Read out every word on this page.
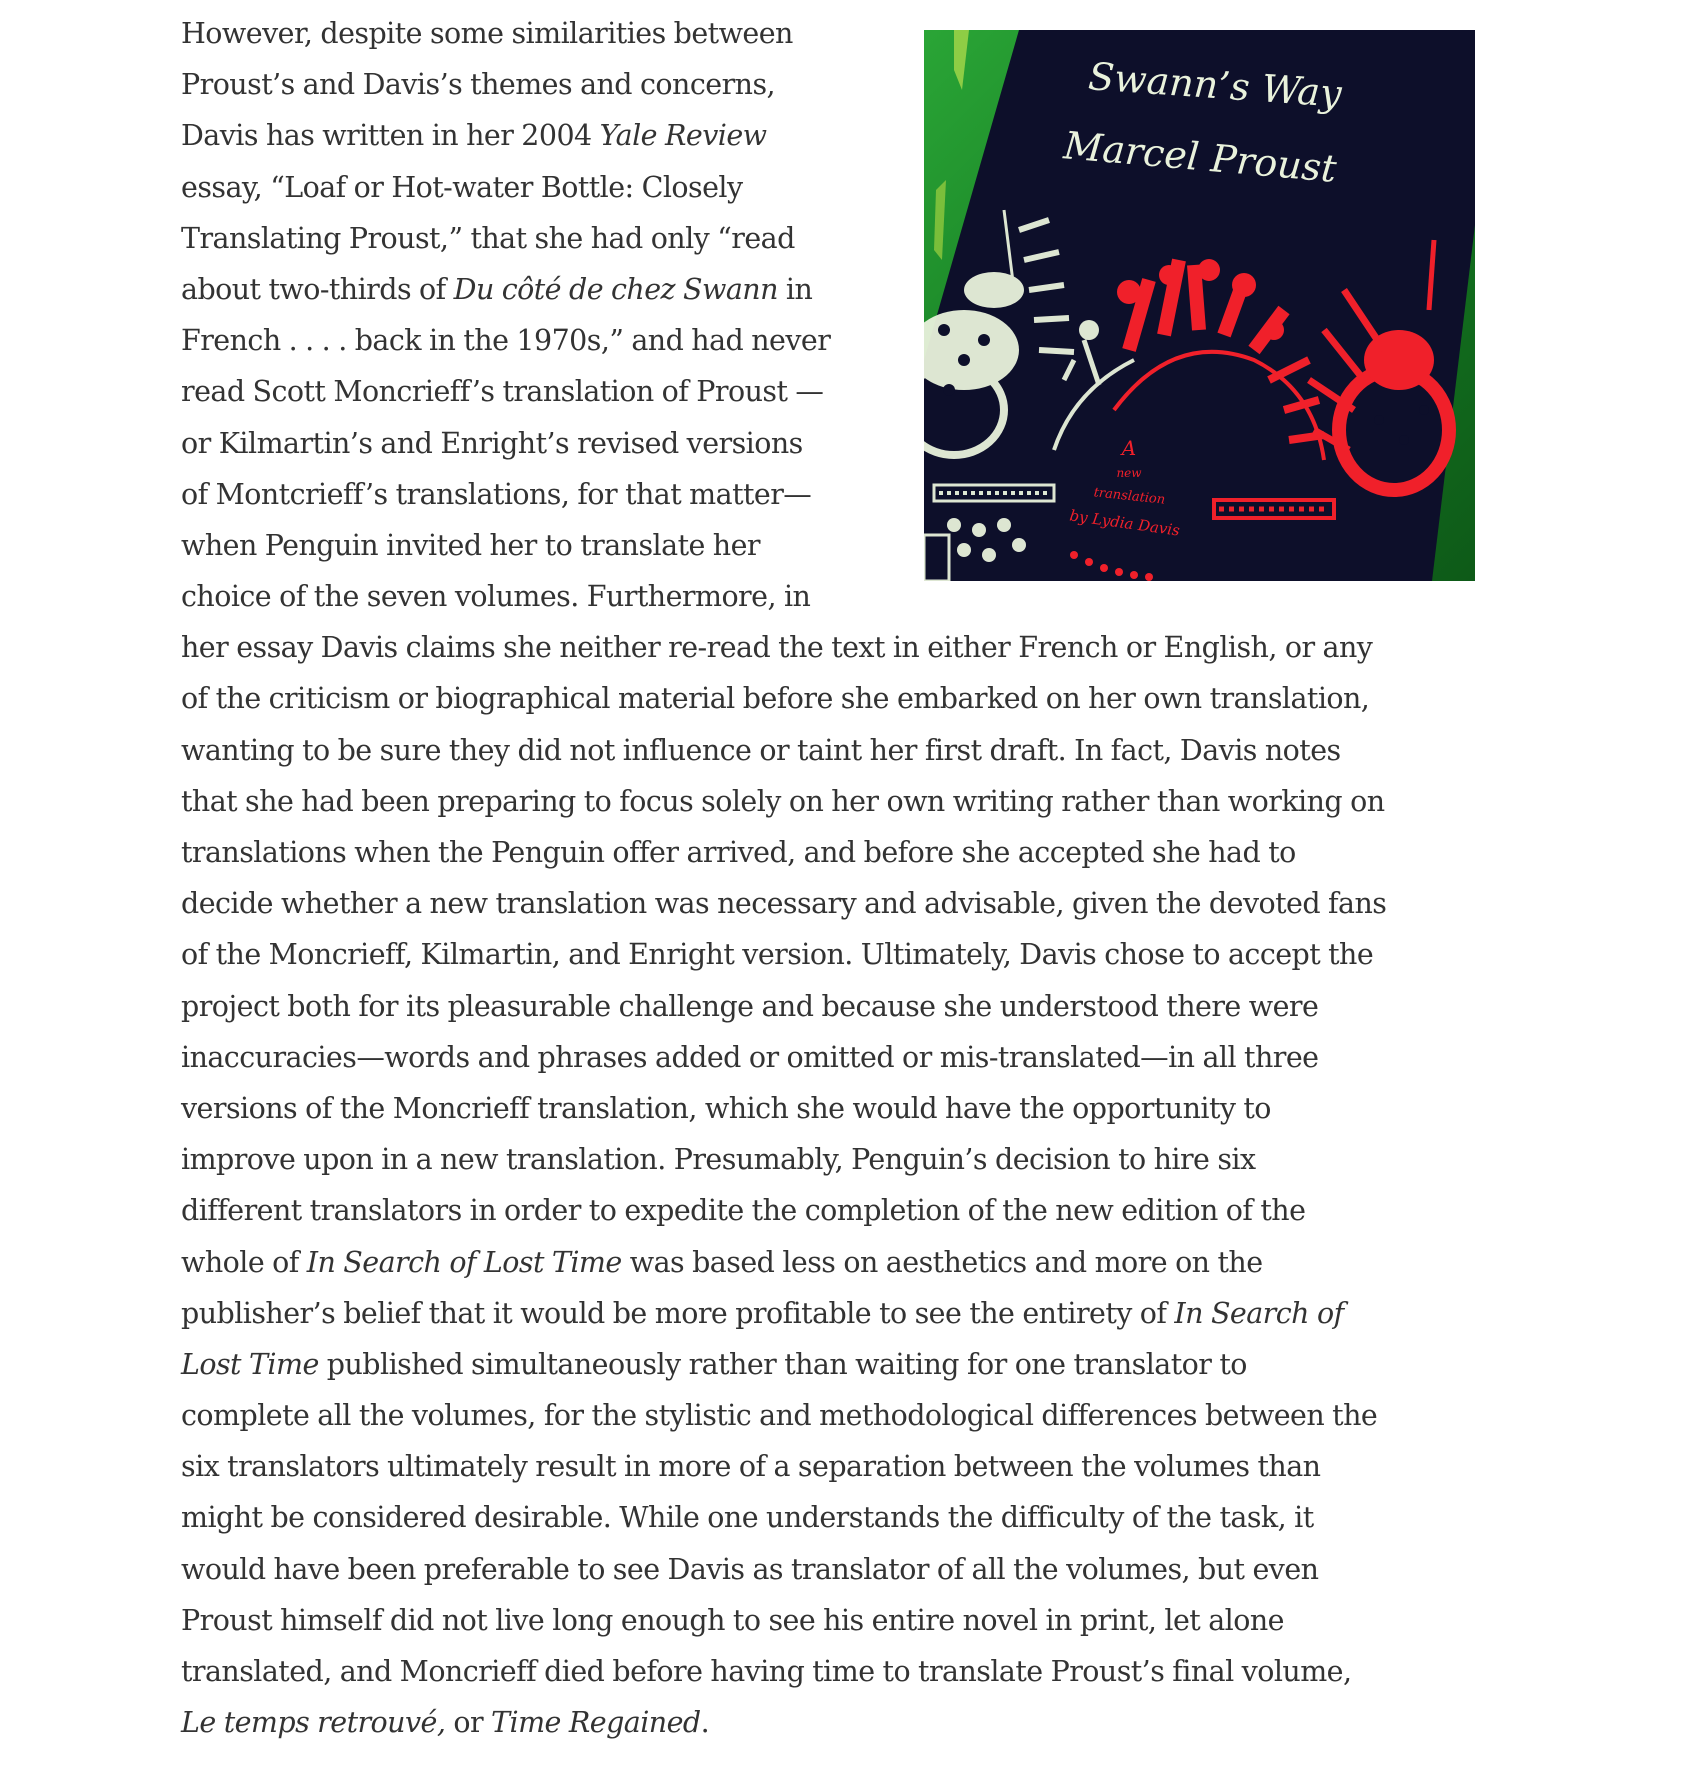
However, despite some similarities between
Proust’s and Davis’s themes and concerns,
Davis has written in her 2004 Yale Review
essay, “Loaf or Hot-water Bottle: Closely
Translating Proust,” that she had only “read
about two-thirds of Du côté de chez Swann in
French . . . . back in the 1970s,” and had never
read Scott Moncrieff’s translation of Proust —
or Kilmartin’s and Enright’s revised versions
of Montcrieff’s translations, for that matter—
when Penguin invited her to translate her
choice of the seven volumes. Furthermore, in
her essay Davis claims she neither re-read the text in either French or English, or any
of the criticism or biographical material before she embarked on her own translation,
wanting to be sure they did not influence or taint her first draft. In fact, Davis notes
that she had been preparing to focus solely on her own writing rather than working on
translations when the Penguin offer arrived, and before she accepted she had to
decide whether a new translation was necessary and advisable, given the devoted fans
of the Moncrieff, Kilmartin, and Enright version. Ultimately, Davis chose to accept the
project both for its pleasurable challenge and because she understood there were
inaccuracies—words and phrases added or omitted or mis-translated—in all three
versions of the Moncrieff translation, which she would have the opportunity to
improve upon in a new translation. Presumably, Penguin’s decision to hire six
different translators in order to expedite the completion of the new edition of the
whole of In Search of Lost Time was based less on aesthetics and more on the
publisher’s belief that it would be more profitable to see the entirety of In Search of
Lost Time published simultaneously rather than waiting for one translator to
complete all the volumes, for the stylistic and methodological differences between the
six translators ultimately result in more of a separation between the volumes than
might be considered desirable. While one understands the difficulty of the task, it
would have been preferable to see Davis as translator of all the volumes, but even
Proust himself did not live long enough to see his entire novel in print, let alone
translated, and Moncrieff died before having time to translate Proust’s final volume,
Le temps retrouvé, or Time Regained.
Swann’s Way
Marcel Proust
A
new
translation
by Lydia Davis
